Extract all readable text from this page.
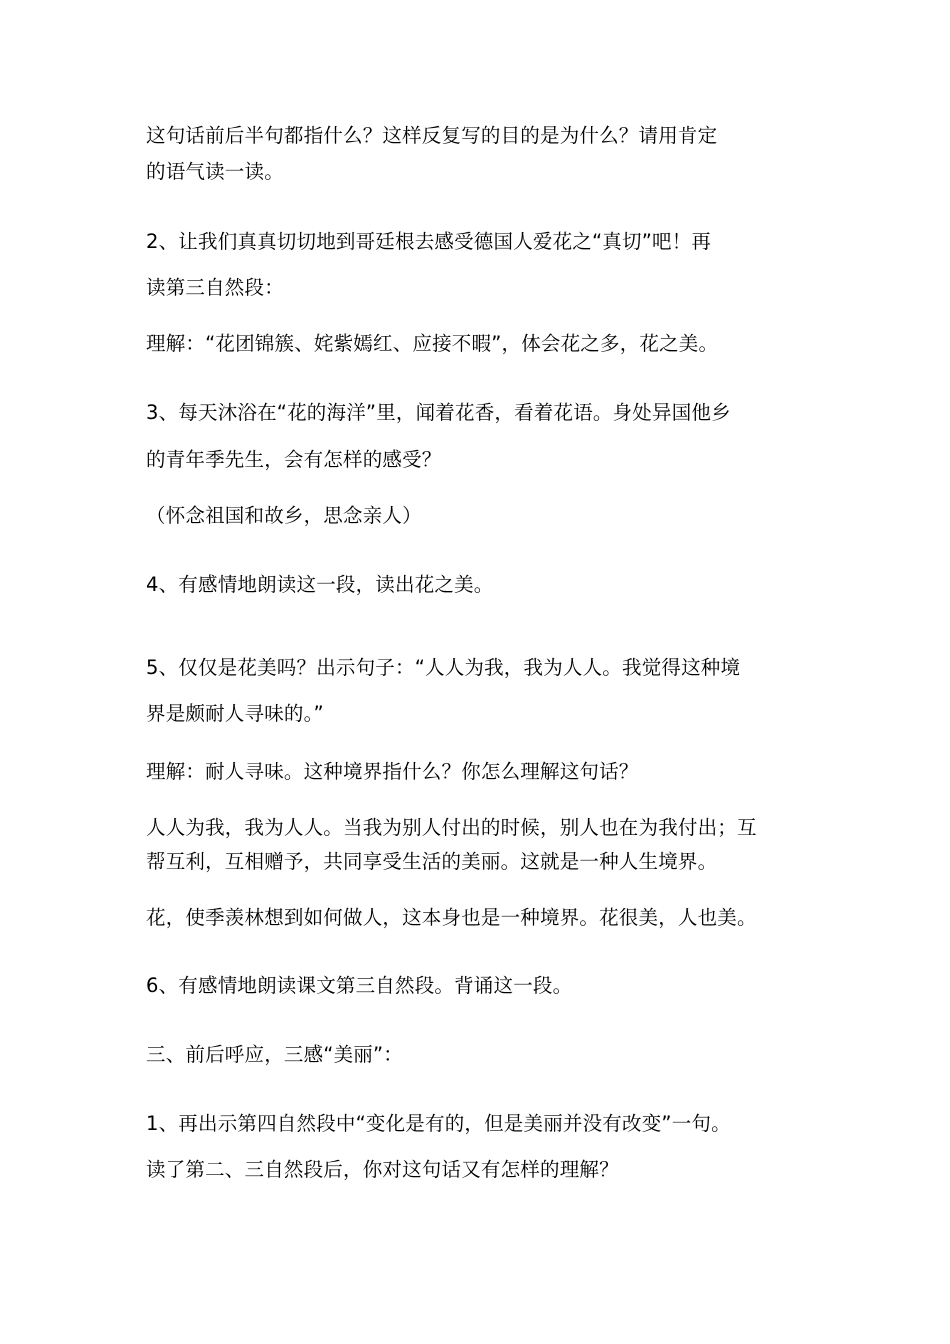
这句话前后半句都指什么？这样反复写的目的是为什么？请用肯定

的语气读一读。

2、让我们真真切切地到哥廷根去感受德国人爱花之“真切”吧！再

读第三自然段：

理解：“花团锦簇、姹紫嫣红、应接不暇”，体会花之多，花之美。

3、每天沐浴在“花的海洋”里，闻着花香，看着花语。身处异国他乡

的青年季先生，会有怎样的感受？

（怀念祖国和故乡，思念亲人）

4、有感情地朗读这一段，读出花之美。

5、仅仅是花美吗？出示句子：“人人为我，我为人人。我觉得这种境

界是颇耐人寻味的。”

理解：耐人寻味。这种境界指什么？你怎么理解这句话？

人人为我，我为人人。当我为别人付出的时候，别人也在为我付出；互

帮互利，互相赠予，共同享受生活的美丽。这就是一种人生境界。

花，使季羡林想到如何做人，这本身也是一种境界。花很美，人也美。

6、有感情地朗读课文第三自然段。背诵这一段。

三、前后呼应，三感“美丽”：

1、再出示第四自然段中“变化是有的，但是美丽并没有改变”一句。

读了第二、三自然段后，你对这句话又有怎样的理解？
